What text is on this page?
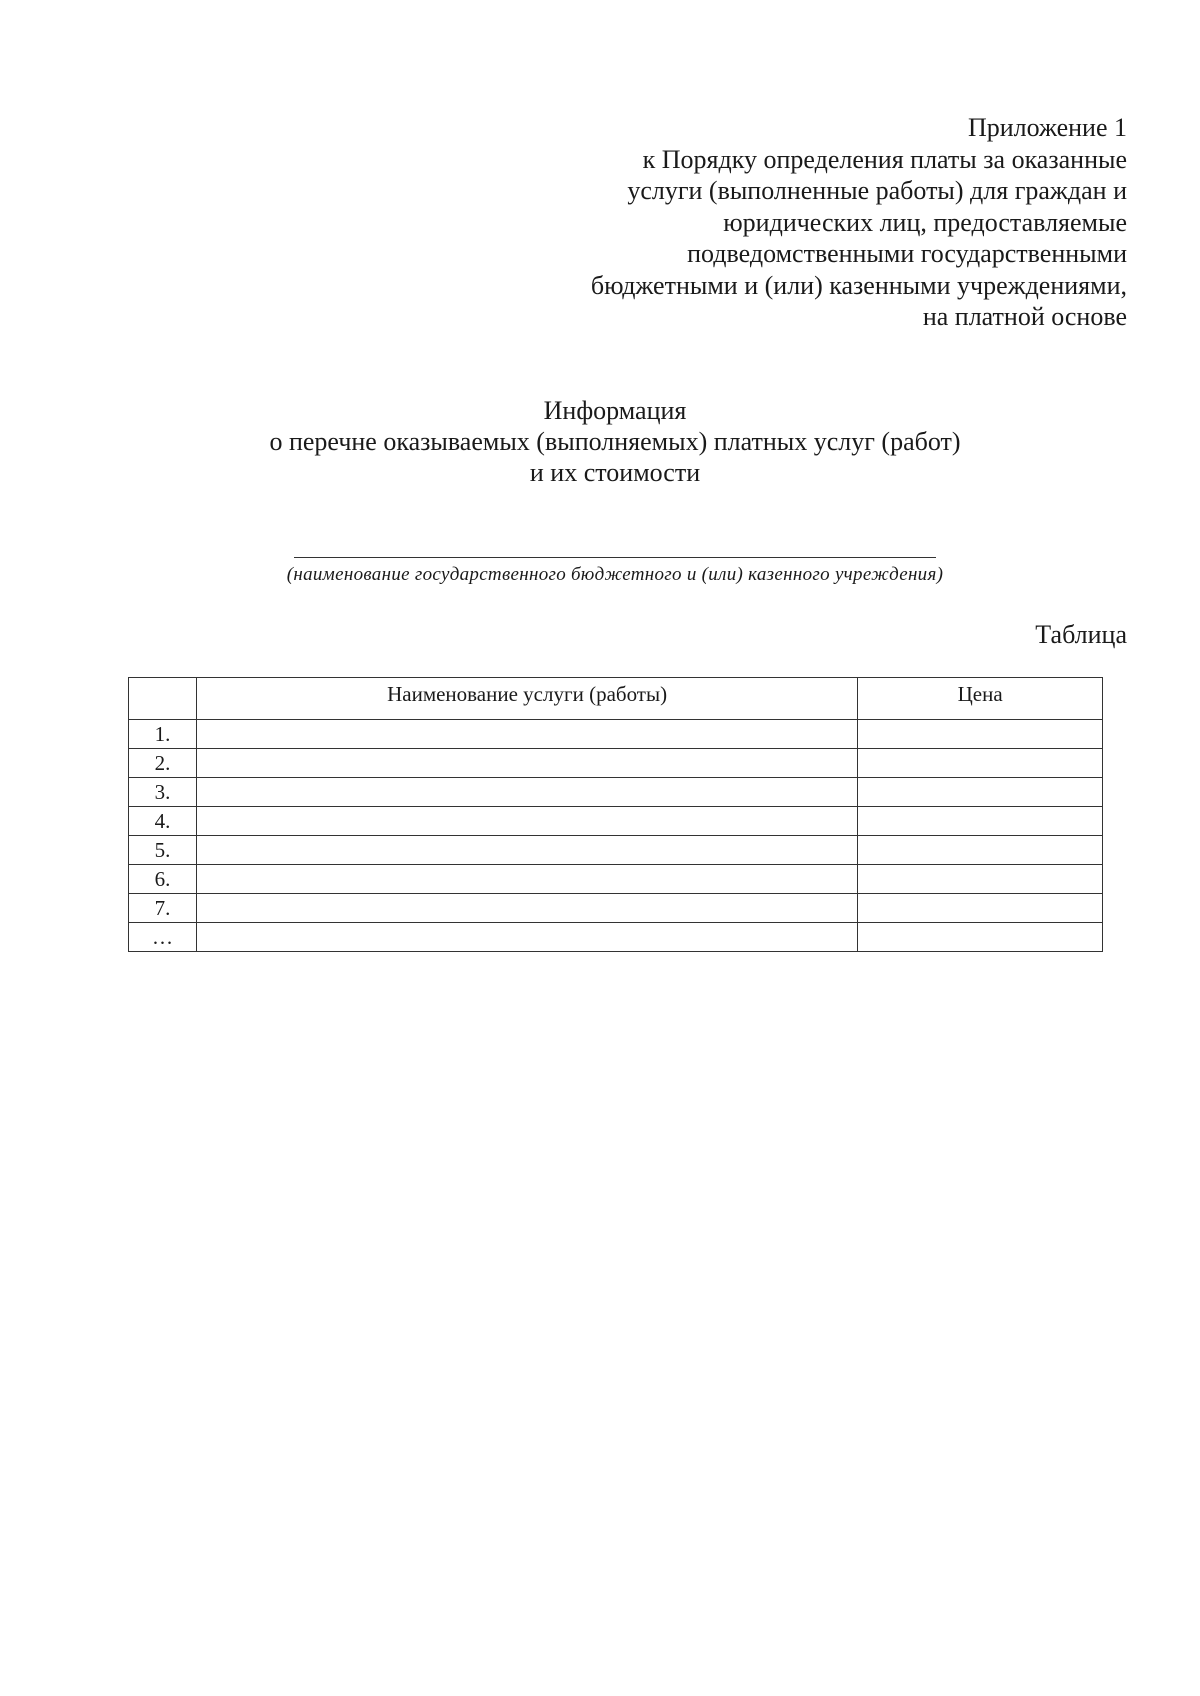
Приложение 1
к Порядку определения платы за оказанные
услуги (выполненные работы) для граждан и
юридических лиц, предоставляемые
подведомственными государственными
бюджетными и (или) казенными учреждениями,
на платной основе
Информация
о перечне оказываемых (выполняемых) платных услуг (работ)
и их стоимости
(наименование государственного бюджетного и (или) казенного учреждения)
Таблица
	Наименование услуги (работы)	Цена
1.		
2.		
3.		
4.		
5.		
6.		
7.		
…		
